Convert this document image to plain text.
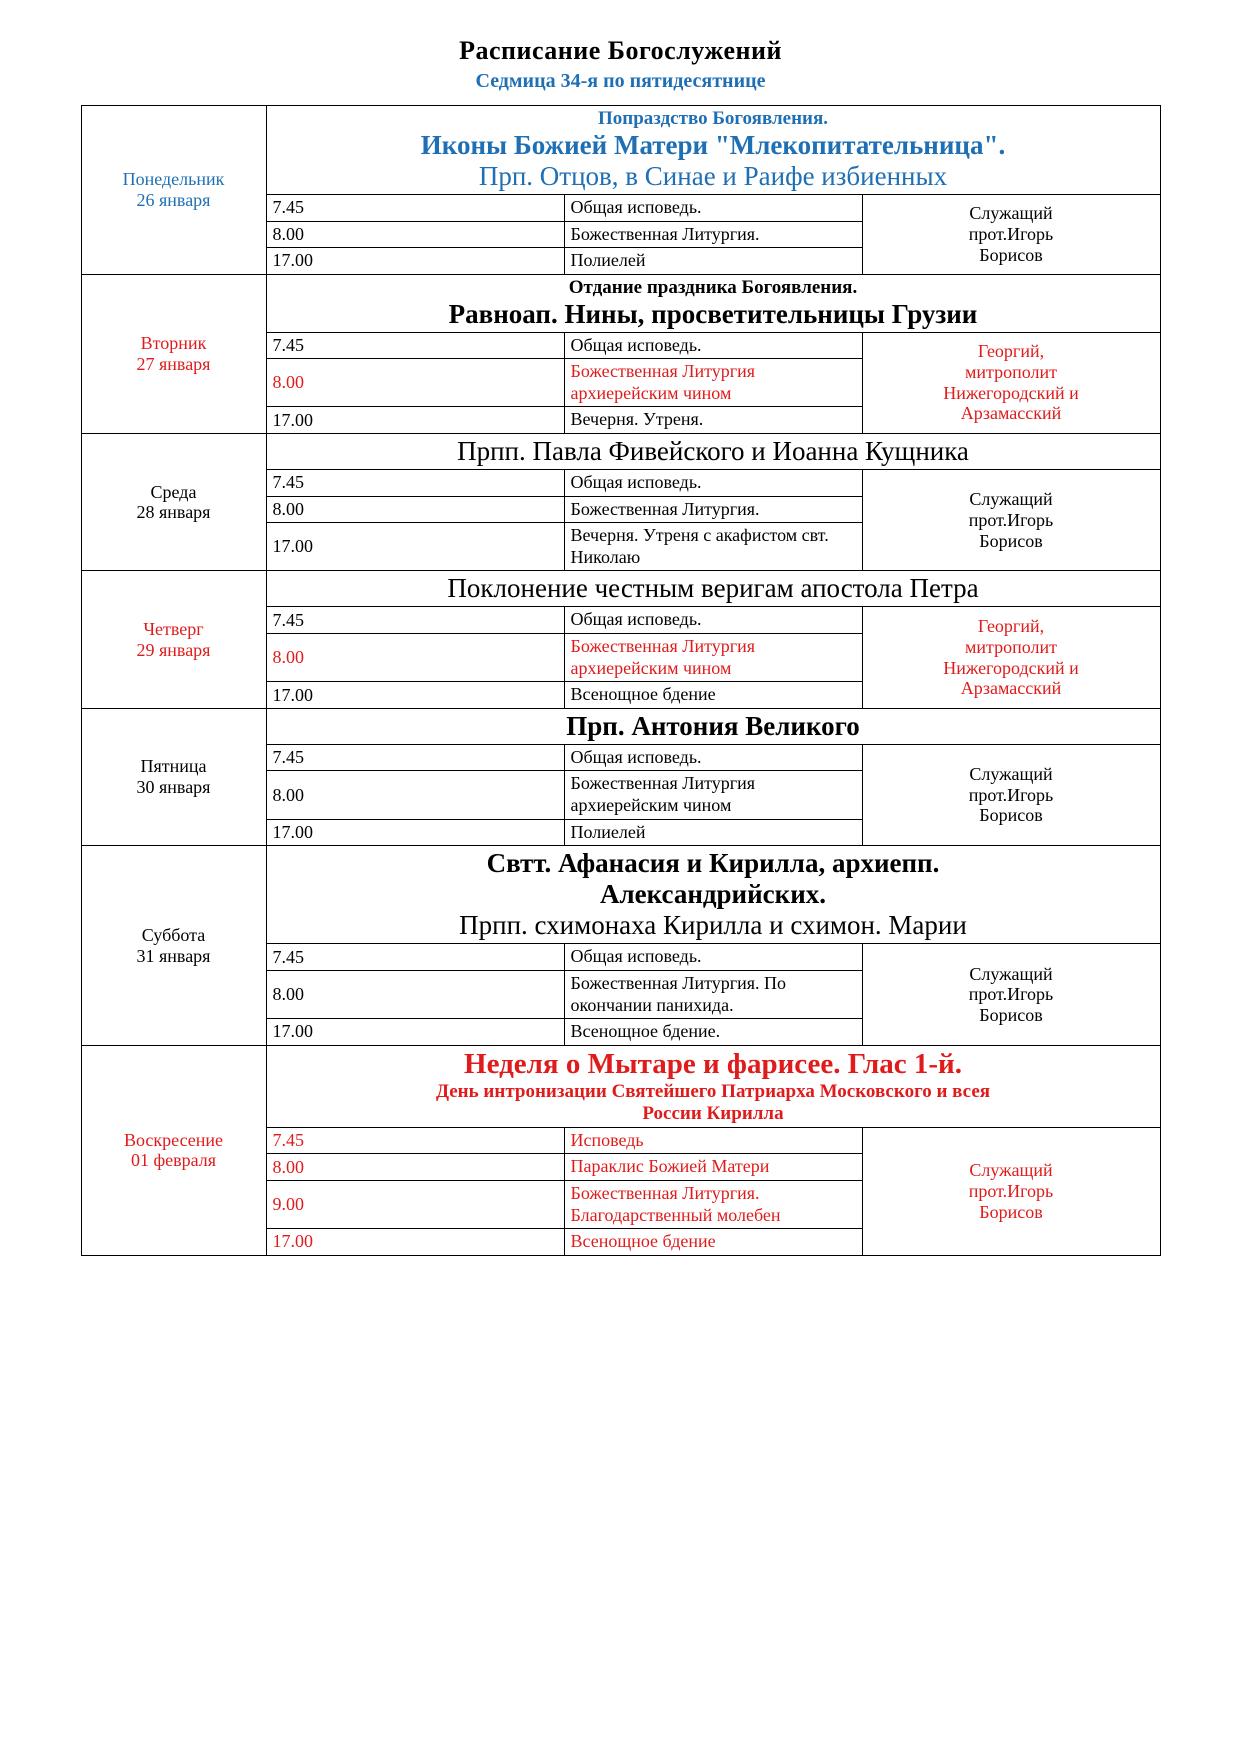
Расписание Богослужений
Седмица 34-я по пятидесятнице
Понедельник
26 января	Попраздство Богоявления.
Иконы Божией Матери "Млекопитательница".
Прп. Отцов, в Синае и Раифе избиенных		

	7.45	Общая исповедь.	Служащий
прот.Игорь
Борисов

	8.00	Божественная Литургия.	
	17.00	Полиелей	

Вторник
27 января	Отдание праздника Богоявления.
Равноап. Нины, просветительницы Грузии		

	7.45	Общая исповедь.	Георгий,
митрополит
Нижегородский и
Арзамасский

	8.00	Божественная Литургия архиерейским чином	
	17.00	Вечерня. Утреня.	

Среда
28 января	Прпп. Павла Фивейского и Иоанна Кущника		

	7.45	Общая исповедь.	Служащий
прот.Игорь
Борисов

	8.00	Божественная Литургия.	
	17.00	Вечерня. Утреня с акафистом свт. Николаю	

Четверг
29 января	Поклонение честным веригам апостола Петра		

	7.45	Общая исповедь.	Георгий,
митрополит
Нижегородский и
Арзамасский

	8.00	Божественная Литургия архиерейским чином	
	17.00	Всенощное бдение	

Пятница
30 января	Прп. Антония Великого		

	7.45	Общая исповедь.	Служащий
прот.Игорь
Борисов

	8.00	Божественная Литургия архиерейским чином	
	17.00	Полиелей	

Суббота
31 января	Свтт. Афанасия и Кирилла, архиепп.
Александрийских.
Прпп. схимонаха Кирилла и схимон. Марии		

	7.45	Общая исповедь.	Служащий
прот.Игорь
Борисов

	8.00	Божественная Литургия. По окончании панихида.	
	17.00	Всенощное бдение.	

Воскресение
01 февраля	Неделя о Мытаре и фарисее. Глас 1-й.
День интронизации Святейшего Патриарха Московского и всея
России Кирилла		

	7.45	Исповедь	Служащий
прот.Игорь
Борисов

	8.00	Параклис Божией Матери	
	9.00	Божественная Литургия. Благодарственный молебен	
	17.00	Всенощное бдение	
